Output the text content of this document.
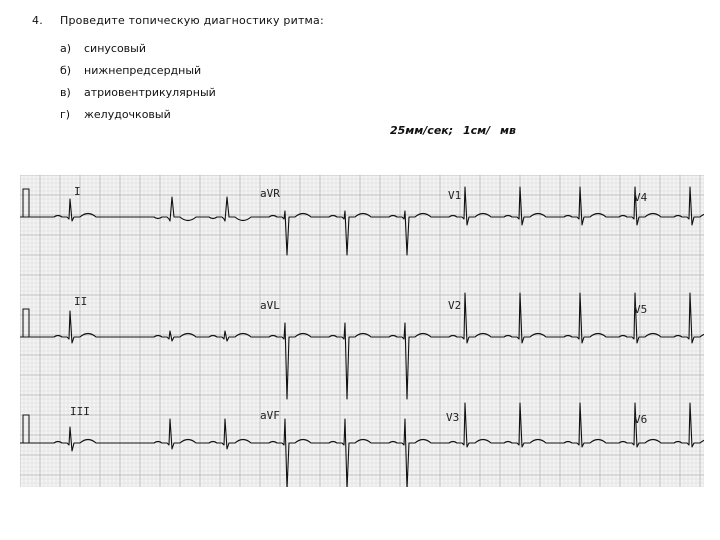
4. Проведите топическую диагностику ритма:
а) синусовый
б) нижнепредсердный
в) атриовентрикулярный
г) желудочковый
25мм/сек; 1см/ мв
I	aVR	V1	V4
II	aVL	V2	V5
III	aVF	V3	V6
